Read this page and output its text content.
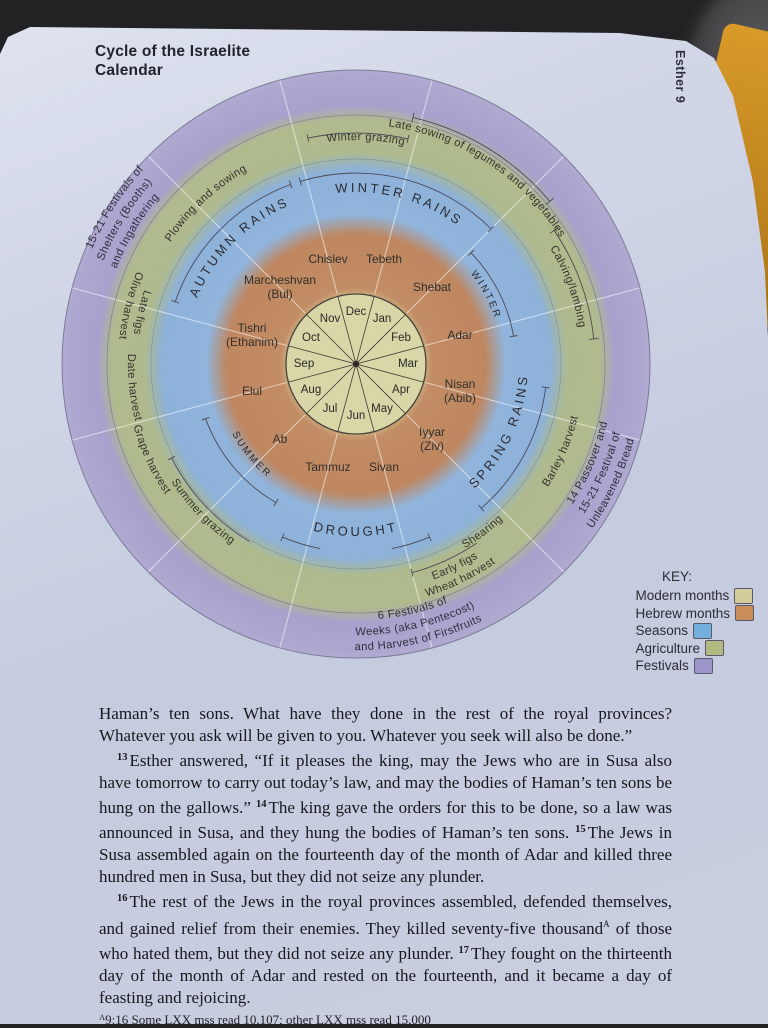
Cycle of the Israelite Calendar	Esther 9
AUTUMN RAINS
WINTER RAINS
SPRING RAINS
DROUGHT
WINTER
SUMMER
Plowing and sowing
Winter grazing
Late sowing of legumes and vegetables
Calving/lambing
Barley harvest
Early figs
Wheat harvest
Shearing
Summer grazing
Grape harvest
Date harvest
Olive harvest
Late figs
15-21 Festivals of
Shelters (Booths)
and Ingathering
14 Passover and
15-21 Festival of
Unleavened Bread
6 Festivals of
Weeks (aka Pentecost)
and Harvest of Firstfruits
Dec
Jan
Feb
Mar
Apr
May
Jun
Jul
Aug
Sep
Oct
Nov
Tebeth
Shebat
Adar
Nisan
(Abib)
Iyyar
(Ziv)
Sivan
Tammuz
Ab
Elul
Tishri
(Ethanim)
Marcheshvan
(Bul)
Chislev
KEY:
Modern months
Hebrew months
Seasons
Agriculture
Festivals

Haman’s ten sons. What have they done in the rest of the royal provinces? Whatever you ask will be given to you. Whatever you seek will also be done.”

$^{13}$ Esther answered, “If it pleases the king, may the Jews who are in Susa also have tomorrow to carry out today’s law, and may the bodies of Haman’s ten sons be hung on the gallows.” $^{14}$ The king gave the orders for this to be done, so a law was announced in Susa, and they hung the bodies of Haman’s ten sons. $^{15}$ The Jews in Susa assembled again on the fourteenth day of the month of Adar and killed three hundred men in Susa, but they did not seize any plunder.

$^{16}$ The rest of the Jews in the royal provinces assembled, defended themselves, and gained relief from their enemies. They killed seventy-five thousand$^A$ of those who hated them, but they did not seize any plunder. $^{17}$ They fought on the thirteenth day of the month of Adar and rested on the fourteenth, and it became a day of feasting and rejoicing.

$^A$9:16 Some LXX mss read 10,107; other LXX mss read 15,000
